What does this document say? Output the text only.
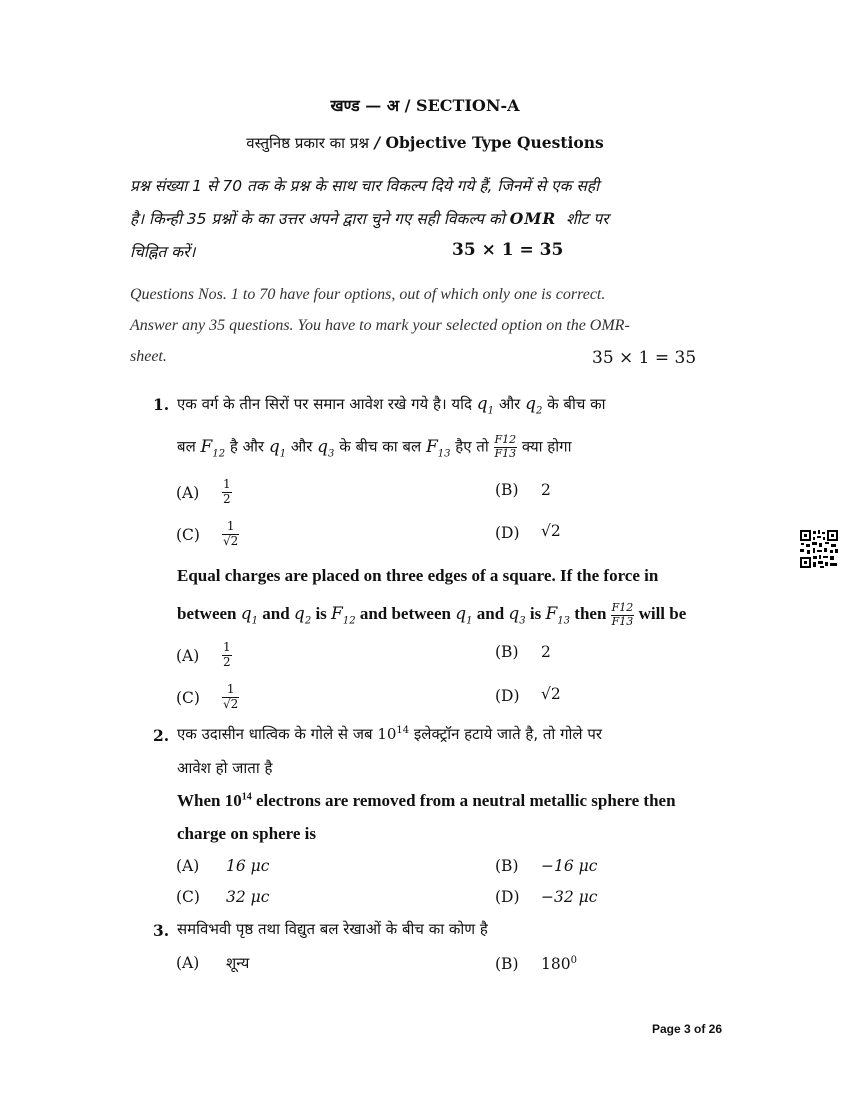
खण्ड — अ / SECTION-A
वस्तुनिष्ठ प्रकार का प्रश्न / Objective Type Questions
प्रश्न संख्या 1 से 70 तक के प्रश्न के साथ चार विकल्प दिये गये हैं, जिनमें से एक सही
है। किन्ही 35 प्रश्नों के का उत्तर अपने द्वारा चुने गए सही विकल्प को OMR शीट पर
चिह्नित करें।	35 × 1 = 35
Questions Nos. 1 to 70 have four options, out of which only one is correct.
Answer any 35 questions. You have to mark your selected option on the OMR-
sheet.	35 × 1 = 35
1. एक वर्ग के तीन सिरों पर समान आवेश रखे गये है। यदि $q_1$ और $q_2$ के बीच का
बल $F_{12}$ है और $q_1$ और $q_3$ के बीच का बल $F_{13}$ हैए तो $\frac{F12}{F13}$ क्या होगा
$(A) \frac{1}{2}$	(B) 2
$(C) \frac{1}{√2}$	(D) √2
Equal charges are placed on three edges of a square. If the force in
between $q_1$ and $q_2$ is $F_{12}$ and between $q_1$ and $q_3$ is $F_{13}$ then $\frac{F12}{F13}$ will be
$(A) \frac{1}{2}$	(B) 2
$(C) \frac{1}{√2}$	(D) √2
2. एक उदासीन धात्विक के गोले से जब $10^{14}$ इलेक्ट्रॉन हटाये जाते है, तो गोले पर
आवेश हो जाता है
When $10^{14}$ electrons are removed from a neutral metallic sphere then
charge on sphere is
(A) 16 μc	(B) −16 μc
(C) 32 μc	(D) −32 μc
3. समविभवी पृष्ठ तथा विद्युत बल रेखाओं के बीच का कोण है
(A) शून्य	(B) $180^0$
Page 3 of 26
